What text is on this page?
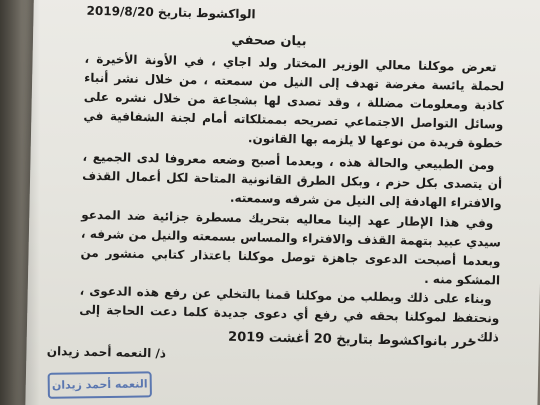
الواكشوط بتاريخ 2019/8/20
بيان صحفي
تعرض موكلنا معالي الوزير المختار ولد اجاي ، في الأونة الأخيرة ، لحملة يائسة مغرضة تهدف إلى النيل من سمعته ، من خلال نشر أنباء كاذبة ومعلومات مضللة ، وقد تصدى لها بشجاعة من خلال نشره على وسائل التواصل الاجتماعي تصريحه بممتلكاته أمام لجنة الشفافية في خطوة فريدة من نوعها لا يلزمه بها القانون.
ومن الطبيعي والحالة هذه ، وبعدما أصبح وضعه معروفا لدى الجميع ، أن يتصدى بكل حزم ، وبكل الطرق القانونية المتاحة لكل أعمال القذف والافتراء الهادفة إلى النيل من شرفه وسمعته.
وفي هذا الإطار عهد إلينا معاليه بتحريك مسطرة جزائية ضد المدعو سيدي عبيد بتهمة القذف والافتراء والمساس بسمعته والنيل من شرفه ، وبعدما أصبحت الدعوى جاهزة توصل موكلنا باعتذار كتابي منشور من المشكو منه .
وبناء على ذلك وبطلب من موكلنا قمنا بالتخلي عن رفع هذه الدعوى ، ونحتفظ لموكلنا بحقه في رفع أي دعوى جديدة كلما دعت الحاجة إلى ذلك .
حرر بانواكشوط بتاريخ 20 أغشت 2019
ذ/ النعمه أحمد زيدان
النعمه أحمد زيدان
